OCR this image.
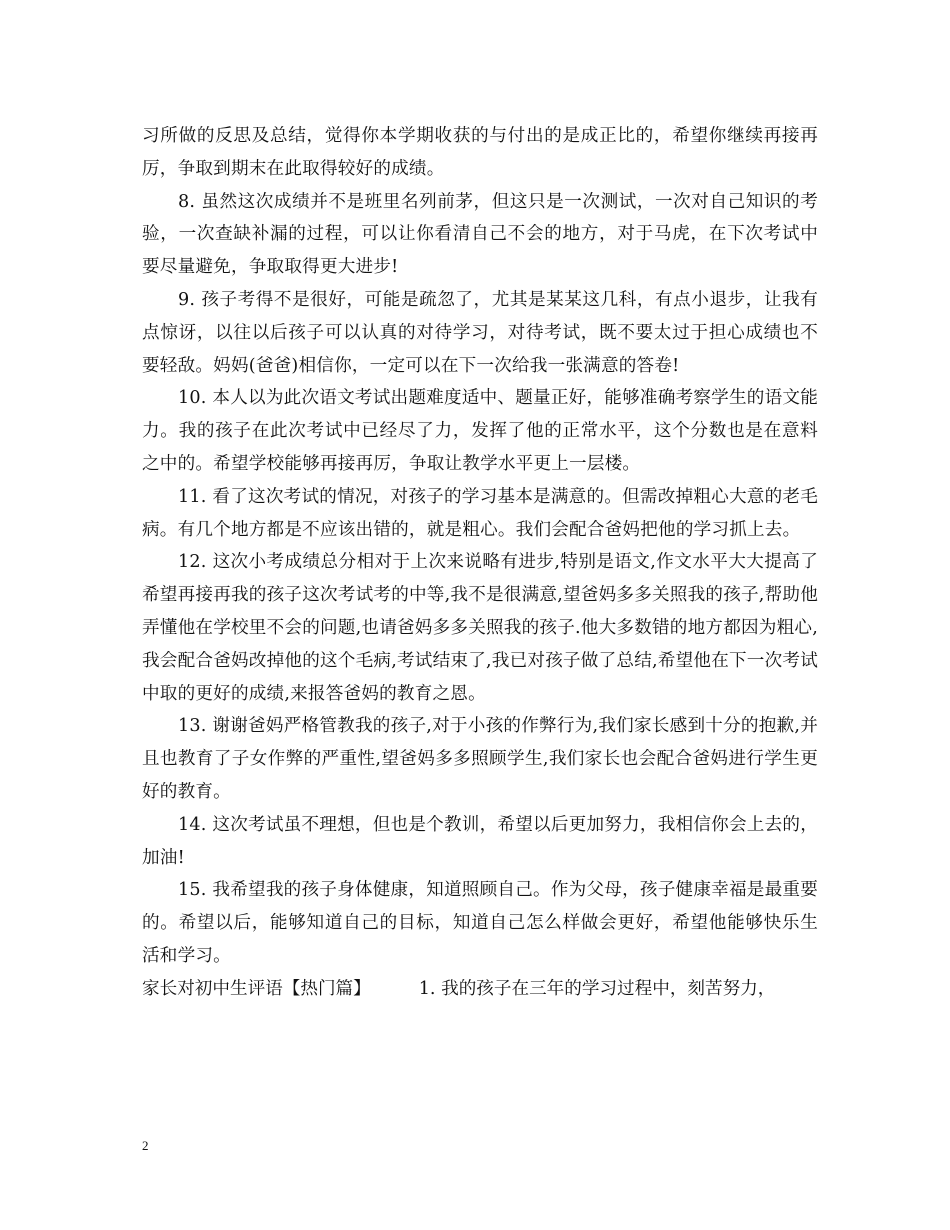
习所做的反思及总结，觉得你本学期收获的与付出的是成正比的，希望你继续再接再厉，争取到期末在此取得较好的成绩。

8. 虽然这次成绩并不是班里名列前茅，但这只是一次测试，一次对自己知识的考验，一次查缺补漏的过程，可以让你看清自己不会的地方，对于马虎，在下次考试中要尽量避免，争取取得更大进步!

9. 孩子考得不是很好，可能是疏忽了，尤其是某某这几科，有点小退步，让我有点惊讶，以往以后孩子可以认真的对待学习，对待考试，既不要太过于担心成绩也不要轻敌。妈妈(爸爸)相信你，一定可以在下一次给我一张满意的答卷!

10. 本人以为此次语文考试出题难度适中、题量正好，能够准确考察学生的语文能力。我的孩子在此次考试中已经尽了力，发挥了他的正常水平，这个分数也是在意料之中的。希望学校能够再接再厉，争取让教学水平更上一层楼。

11. 看了这次考试的情况，对孩子的学习基本是满意的。但需改掉粗心大意的老毛病。有几个地方都是不应该出错的，就是粗心。我们会配合爸妈把他的学习抓上去。

12. 这次小考成绩总分相对于上次来说略有进步,特别是语文,作文水平大大提高了希望再接再我的孩子这次考试考的中等,我不是很满意,望爸妈多多关照我的孩子,帮助他弄懂他在学校里不会的问题,也请爸妈多多关照我的孩子.他大多数错的地方都因为粗心,我会配合爸妈改掉他的这个毛病,考试结束了,我已对孩子做了总结,希望他在下一次考试中取的更好的成绩,来报答爸妈的教育之恩。

13. 谢谢爸妈严格管教我的孩子,对于小孩的作弊行为,我们家长感到十分的抱歉,并且也教育了子女作弊的严重性,望爸妈多多照顾学生,我们家长也会配合爸妈进行学生更好的教育。

14. 这次考试虽不理想，但也是个教训，希望以后更加努力，我相信你会上去的，加油!

15. 我希望我的孩子身体健康，知道照顾自己。作为父母，孩子健康幸福是最重要的。希望以后，能够知道自己的目标，知道自己怎么样做会更好，希望他能够快乐生活和学习。

家长对初中生评语【热门篇】	1. 我的孩子在三年的学习过程中，刻苦努力，

2
